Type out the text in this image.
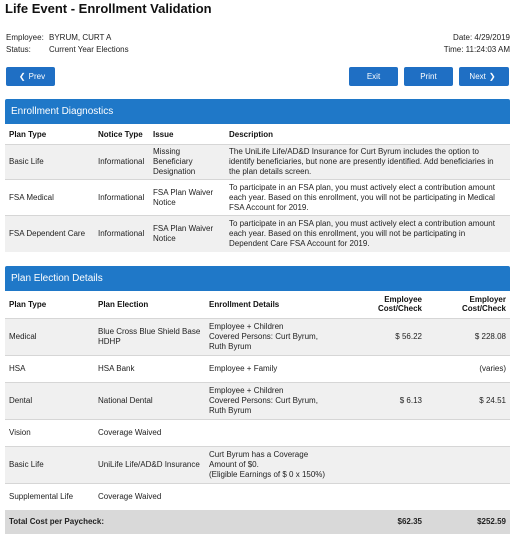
Life Event - Enrollment Validation
Employee: BYRUM, CURT A
Status: Current Year Elections
Date: 4/29/2019
Time: 11:24:03 AM
❮ Prev	Exit	Print	Next ❯
Enrollment Diagnostics
Plan Type	Notice Type	Issue	Description
Basic Life	Informational	Missing Beneficiary Designation	The UniLife Life/AD&D Insurance for Curt Byrum includes the option to identify beneficiaries, but none are presently identified. Add beneficiaries in the plan details screen.
FSA Medical	Informational	FSA Plan Waiver Notice	To participate in an FSA plan, you must actively elect a contribution amount each year. Based on this enrollment, you will not be participating in Medical FSA Account for 2019.
FSA Dependent Care	Informational	FSA Plan Waiver Notice	To participate in an FSA plan, you must actively elect a contribution amount each year. Based on this enrollment, you will not be participating in Dependent Care FSA Account for 2019.
Plan Election Details
Plan Type	Plan Election	Enrollment Details	Employee Cost/Check	Employer Cost/Check
Medical	Blue Cross Blue Shield Base HDHP	Employee + Children
Covered Persons: Curt Byrum, Ruth Byrum	$ 56.22	$ 228.08
HSA	HSA Bank	Employee + Family		(varies)
Dental	National Dental	Employee + Children
Covered Persons: Curt Byrum, Ruth Byrum	$ 6.13	$ 24.51
Vision	Coverage Waived			
Basic Life	UniLife Life/AD&D Insurance	Curt Byrum has a Coverage Amount of $0.
(Eligible Earnings of $ 0 x 150%)		
Supplemental Life	Coverage Waived			
Total Cost per Paycheck:			$62.35	$252.59
